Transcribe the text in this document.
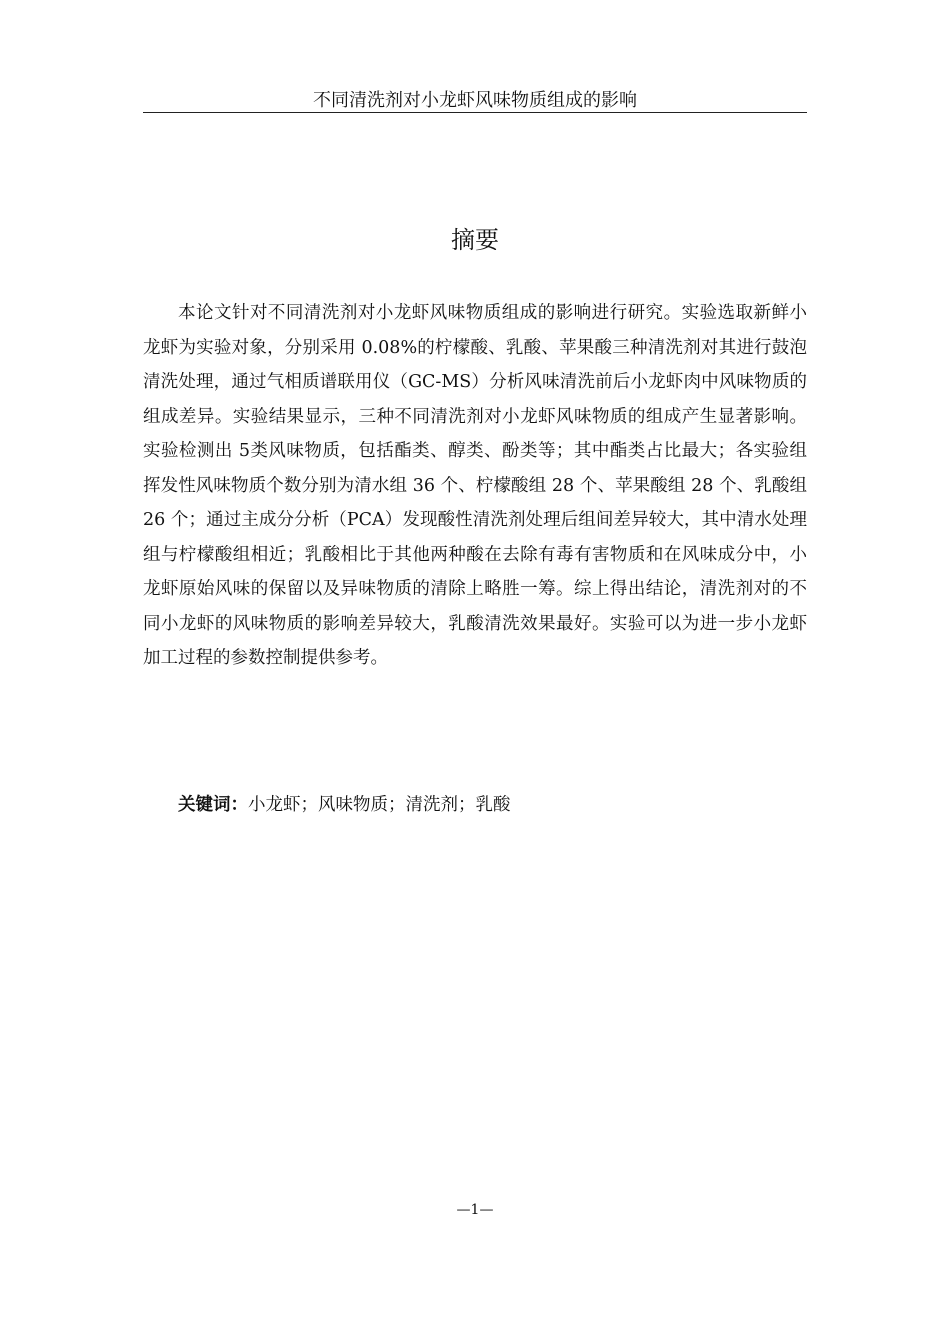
不同清洗剂对小龙虾风味物质组成的影响
摘要

本论文针对不同清洗剂对小龙虾风味物质组成的影响进行研究。实验选取新鲜小龙虾为实验对象，分别采用 0.08%的柠檬酸、乳酸、苹果酸三种清洗剂对其进行鼓泡清洗处理，通过气相质谱联用仪（GC-MS）分析风味清洗前后小龙虾肉中风味物质的组成差异。实验结果显示，三种不同清洗剂对小龙虾风味物质的组成产生显著影响。实验检测出 5类风味物质，包括酯类、醇类、酚类等；其中酯类占比最大；各实验组挥发性风味物质个数分别为清水组 36 个、柠檬酸组 28 个、苹果酸组 28 个、乳酸组 26 个；通过主成分分析（PCA）发现酸性清洗剂处理后组间差异较大，其中清水处理组与柠檬酸组相近；乳酸相比于其他两种酸在去除有毒有害物质和在风味成分中，小龙虾原始风味的保留以及异味物质的清除上略胜一筹。综上得出结论，清洗剂对的不同小龙虾的风味物质的影响差异较大，乳酸清洗效果最好。实验可以为进一步小龙虾加工过程的参数控制提供参考。

关键词：小龙虾；风味物质；清洗剂；乳酸

—1—
